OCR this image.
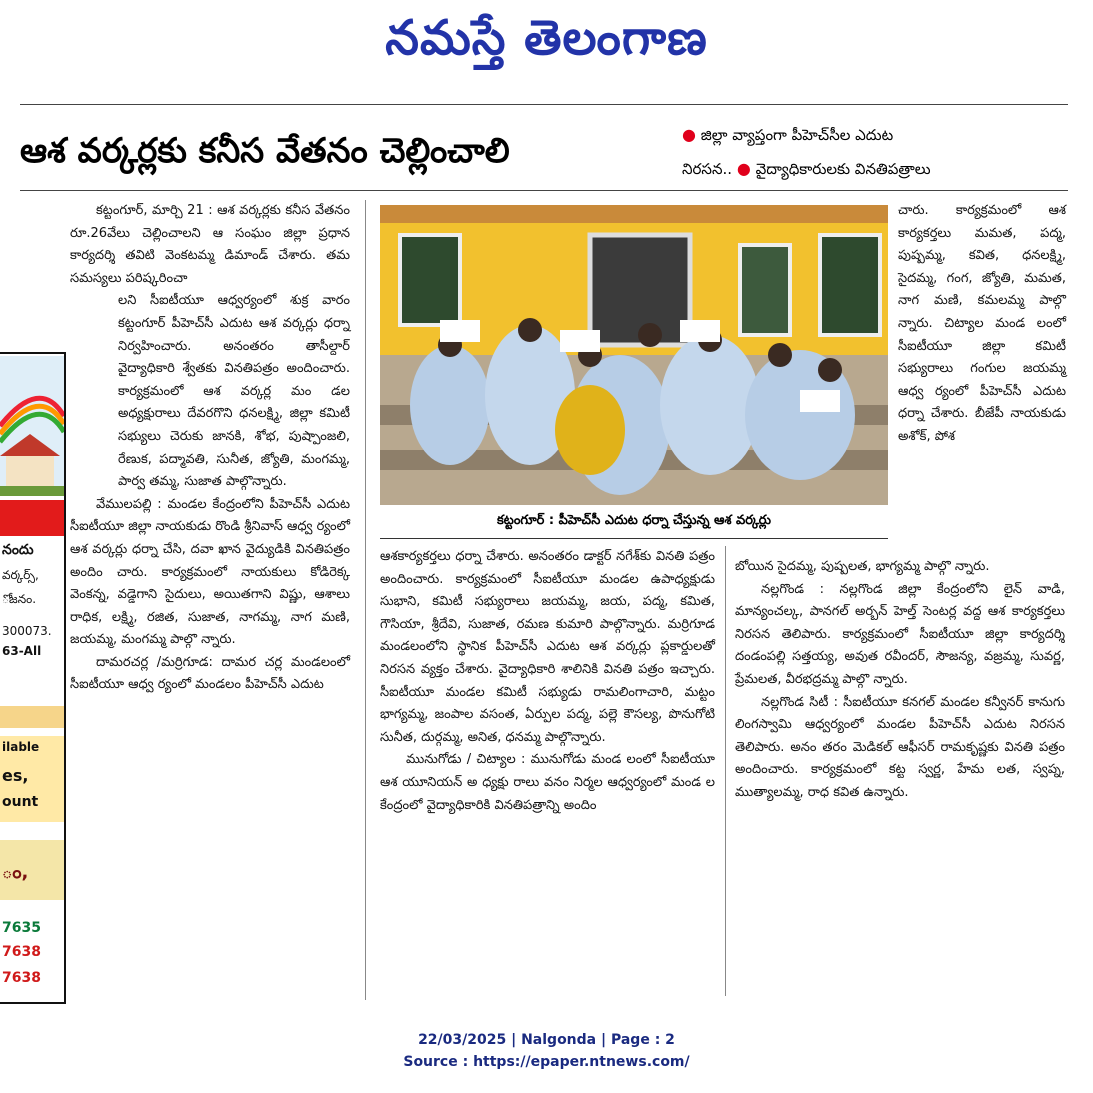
నమస్తే తెలంగాణ
ఆశ వర్కర్లకు కనీస వేతనం చెల్లించాలి	● జిల్లా వ్యాప్తంగా పీహెచ్‌సీల ఎదుట
నిరసన.. ● వైద్యాధికారులకు వినతిపత్రాలు
నందు
వర్కర్స్,
ోజనం.
300073.
63-All
ilable
es,
ount
ం,
7635
7638
7638

కట్టంగూర్, మార్చి 21 : ఆశ వర్కర్లకు కనీస వేతనం రూ.26వేలు చెల్లించాలని ఆ సంఘం జిల్లా ప్రధాన కార్యదర్శి తవిటి వెంకటమ్మ డిమాండ్ చేశారు. తమ సమస్యలు పరిష్కరించా

లని సీఐటీయూ ఆధ్వర్యంలో శుక్ర వారం కట్టంగూర్ పీహెచ్‌సీ ఎదుట ఆశ వర్కర్లు ధర్నా నిర్వహించారు. అనంతరం తాసీల్దార్ వైద్యాధికారి శ్వేతకు వినతిపత్రం అందించారు. కార్యక్రమంలో ఆశ వర్కర్ల మం డల అధ్యక్షురాలు దేవరగొని ధనలక్ష్మి, జిల్లా కమిటీ సభ్యులు చెరుకు జానకి, శోభ, పుష్పాంజలి, రేణుక, పద్మావతి, సునీత, జ్యోతి, మంగమ్మ, పార్వ తమ్మ, సుజాత పాల్గొన్నారు.

వేములపల్లి : మండల కేంద్రంలోని పీహెచ్‌సీ ఎదుట సీఐటీయూ జిల్లా నాయకుడు రొండి శ్రీనివాస్ ఆధ్వ ర్యంలో ఆశ వర్కర్లు ధర్నా చేసి, దవా ఖాన వైద్యుడికి వినతిపత్రం అందిం చారు. కార్యక్రమంలో నాయకులు కోడిరెక్క వెంకన్న, వడ్డెగాని సైదులు, అయితగాని విష్ణు, ఆశాలు రాధిక, లక్ష్మి, రజిత, సుజాత, నాగమ్మ, నాగ మణి, జయమ్మ, మంగమ్మ పాల్గొ న్నారు.

దామరచర్ల /మర్రిగూడ: దామర చర్ల మండలంలో సీఐటీయూ ఆధ్వ ర్యంలో మండలం పీహెచ్‌సీ ఎదుట

కట్టంగూర్ : పీహెచ్‌సీ ఎదుట ధర్నా చేస్తున్న ఆశ వర్కర్లు

చారు. కార్యక్రమంలో ఆశ కార్యకర్తలు మమత, పద్మ, పుష్పమ్మ, కవిత, ధనలక్ష్మి, సైదమ్మ, గంగ, జ్యోతి, మమత, నాగ మణి, కమలమ్మ పాల్గొ న్నారు. చిట్యాల మండ లంలో సీఐటీయూ జిల్లా కమిటీ సభ్యురాలు గంగుల జయమ్మ ఆధ్వ ర్యంలో పీహెచ్‌సీ ఎదుట ధర్నా చేశారు. బీజేపీ నాయకుడు అశోక్, పోశ

ఆశకార్యకర్తలు ధర్నా చేశారు. అనంతరం డాక్టర్ నగేశ్‌కు వినతి పత్రం అందించారు. కార్యక్రమంలో సీఐటీయూ మండల ఉపాధ్యక్షుడు సుభాని, కమిటీ సభ్యురాలు జయమ్మ, జయ, పద్మ, కమిత, గౌసియా, శ్రీదేవి, సుజాత, రమణ కుమారి పాల్గొన్నారు. మర్రిగూడ మండలంలోని స్థానిక పీహెచ్‌సీ ఎదుట ఆశ వర్కర్లు ప్లకార్డులతో నిరసన వ్యక్తం చేశారు. వైద్యాధికారి శాలినికి వినతి పత్రం ఇచ్చారు. సీఐటీయూ మండల కమిటీ సభ్యుడు రామలింగాచారి, మట్టం భాగ్యమ్మ, జంపాల వసంత, ఏర్పుల పద్మ, పల్లె కౌసల్య, పొనుగోటి సునీత, దుర్గమ్మ, అనిత, ధనమ్మ పాల్గొన్నారు.

మునుగోడు / చిట్యాల : మునుగోడు మండ లంలో సీఐటీయూ ఆశ యూనియన్ అ ధ్యక్షు రాలు వనం నిర్మల ఆధ్వర్యంలో మండ ల కేంద్రంలో వైద్యాధికారికి వినతిపత్రాన్ని అందిం

బోయిన సైదమ్మ, పుష్పలత, భాగ్యమ్మ పాల్గొ న్నారు.

నల్లగొండ : నల్లగొండ జిల్లా కేంద్రంలోని లైన్ వాడి, మాన్యంచల్క, పానగల్ అర్బన్ హెల్త్ సెంటర్ల వద్ద ఆశ కార్యకర్తలు నిరసన తెలిపారు. కార్యక్రమంలో సీఐటీయూ జిల్లా కార్యదర్శి దండంపల్లి సత్తయ్య, అవుత రవీందర్, సౌజన్య, వజ్రమ్మ, సువర్ణ, ప్రేమలత, వీరభద్రమ్మ పాల్గొ న్నారు.

నల్లగొండ సిటీ : సీఐటీయూ కనగల్ మండల కన్వీనర్ కానుగు లింగస్వామి ఆధ్వర్యంలో మండల పీహెచ్‌సీ ఎదుట నిరసన తెలిపారు. అనం తరం మెడికల్ ఆఫీసర్ రామకృష్ణకు వినతి పత్రం అందించారు. కార్యక్రమంలో కట్ట స్వర్ణ, హేమ లత, స్వప్న, ముత్యాలమ్మ, రాధ కవిత ఉన్నారు.

22/03/2025 | Nalgonda | Page : 2
Source : https://epaper.ntnews.com/
